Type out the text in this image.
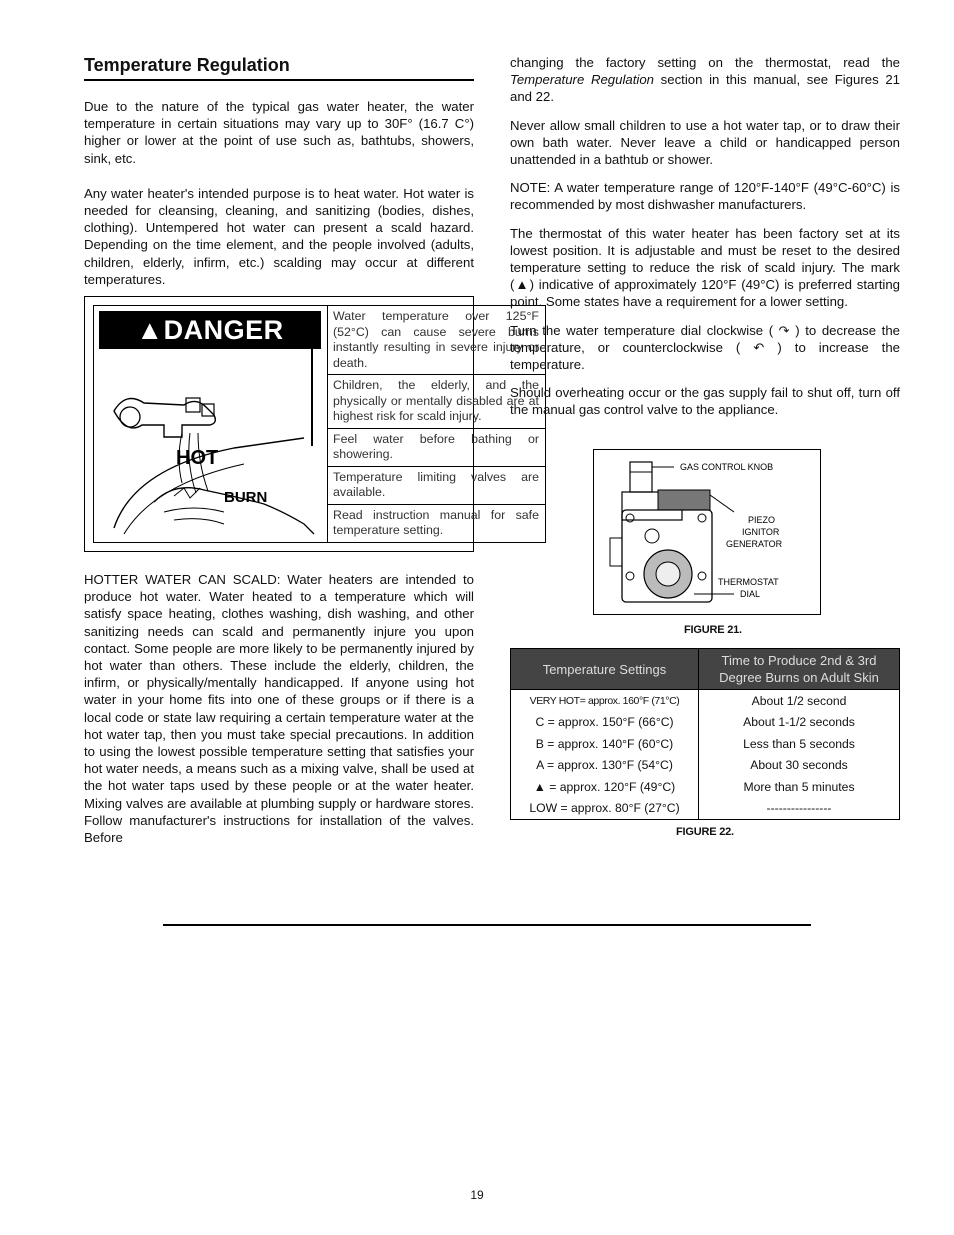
Temperature Regulation

Due to the nature of the typical gas water heater, the water temperature in certain situations may vary up to 30F° (16.7 C°) higher or lower at the point of use such as, bathtubs, showers, sink, etc.

Any water heater's intended purpose is to heat water. Hot water is needed for cleansing, cleaning, and sanitizing (bodies, dishes, clothing). Untempered hot water can present a scald hazard. Depending on the time element, and the people involved (adults, children, elderly, infirm, etc.) scalding may occur at different temperatures.

▲DANGER
HOT
BURN

Water temperature over 125°F (52°C) can cause severe burns instantly resulting in severe injury or death.

Children, the elderly, and the physically or mentally disabled are at highest risk for scald injury.

Feel water before bathing or showering.

Temperature limiting valves are available.

Read instruction manual for safe temperature setting.

HOTTER WATER CAN SCALD: Water heaters are intended to produce hot water. Water heated to a temperature which will satisfy space heating, clothes washing, dish washing, and other sanitizing needs can scald and permanently injure you upon contact. Some people are more likely to be permanently injured by hot water than others. These include the elderly, children, the infirm, or physically/mentally handicapped. If anyone using hot water in your home fits into one of these groups or if there is a local code or state law requiring a certain temperature water at the hot water tap, then you must take special precautions. In addition to using the lowest possible temperature setting that satisfies your hot water needs, a means such as a mixing valve, shall be used at the hot water taps used by these people or at the water heater. Mixing valves are available at plumbing supply or hardware stores. Follow manufacturer's instructions for installation of the valves. Before

changing the factory setting on the thermostat, read the Temperature Regulation section in this manual, see Figures 21 and 22.

Never allow small children to use a hot water tap, or to draw their own bath water. Never leave a child or handicapped person unattended in a bathtub or shower.

NOTE: A water temperature range of 120°F-140°F (49°C-60°C) is recommended by most dishwasher manufacturers.

The thermostat of this water heater has been factory set at its lowest position. It is adjustable and must be reset to the desired temperature setting to reduce the risk of scald injury. The mark (▲) indicative of approximately 120°F (49°C) is preferred starting point. Some states have a requirement for a lower setting.

Turn the water temperature dial clockwise ( ↷ ) to decrease the temperature, or counterclockwise ( ↶ ) to increase the temperature.

Should overheating occur or the gas supply fail to shut off, turn off the manual gas control valve to the appliance.

GAS CONTROL KNOB
PIEZO
IGNITOR
GENERATOR
THERMOSTAT
DIAL
FIGURE 21.
Temperature Settings	Time to Produce 2nd & 3rd Degree Burns on Adult Skin
VERY HOT= approx. 160°F (71°C)	About 1/2 second
C = approx. 150°F (66°C)	About 1-1/2 seconds
B = approx. 140°F (60°C)	Less than 5 seconds
A = approx. 130°F (54°C)	About 30 seconds
▲ = approx. 120°F (49°C)	More than 5 minutes
LOW = approx. 80°F (27°C)	----------------
FIGURE 22.
19
